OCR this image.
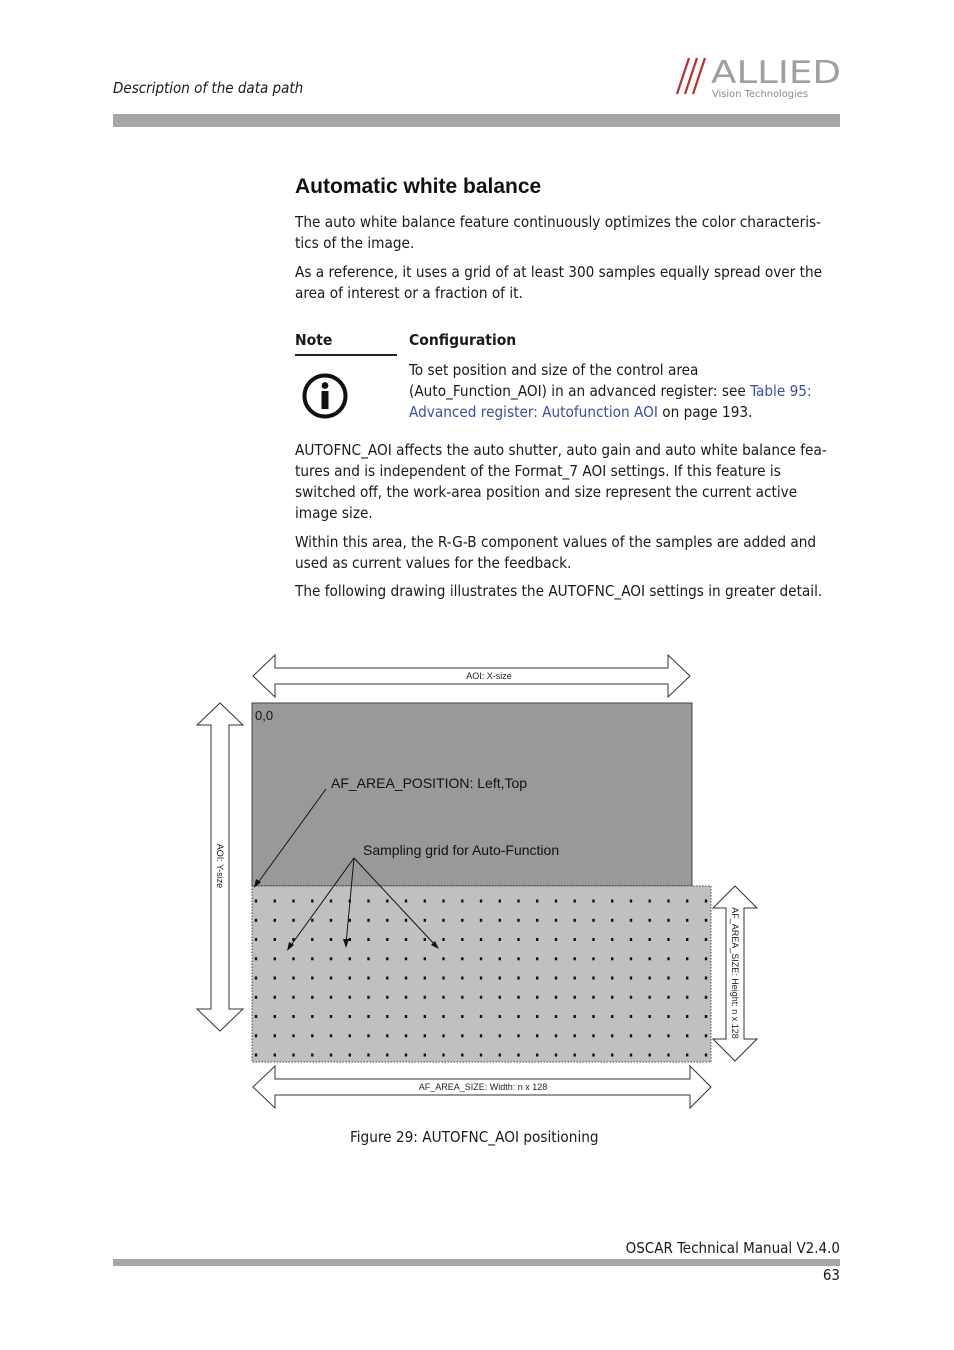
Description of the data path	ALLIED
Vision Technologies
Automatic white balance
The auto white balance feature continuously optimizes the color characteris-
tics of the image.
As a reference, it uses a grid of at least 300 samples equally spread over the
area of interest or a fraction of it.
Note	Configuration
To set position and size of the control area
(Auto_Function_AOI) in an advanced register: see Table 95:
Advanced register: Autofunction AOI on page 193.
AUTOFNC_AOI affects the auto shutter, auto gain and auto white balance fea-
tures and is independent of the Format_7 AOI settings. If this feature is
switched off, the work-area position and size represent the current active
image size.
Within this area, the R-G-B component values of the samples are added and
used as current values for the feedback.
The following drawing illustrates the AUTOFNC_AOI settings in greater detail.
AOI: X-size
AOI: Y-size
0,0
AF_AREA_SIZE: Height: n x 128
AF_AREA_SIZE: Width: n x 128
AF_AREA_POSITION: Left,Top
Sampling grid for Auto-Function
Figure 29: AUTOFNC_AOI positioning
OSCAR Technical Manual V2.4.0
63
